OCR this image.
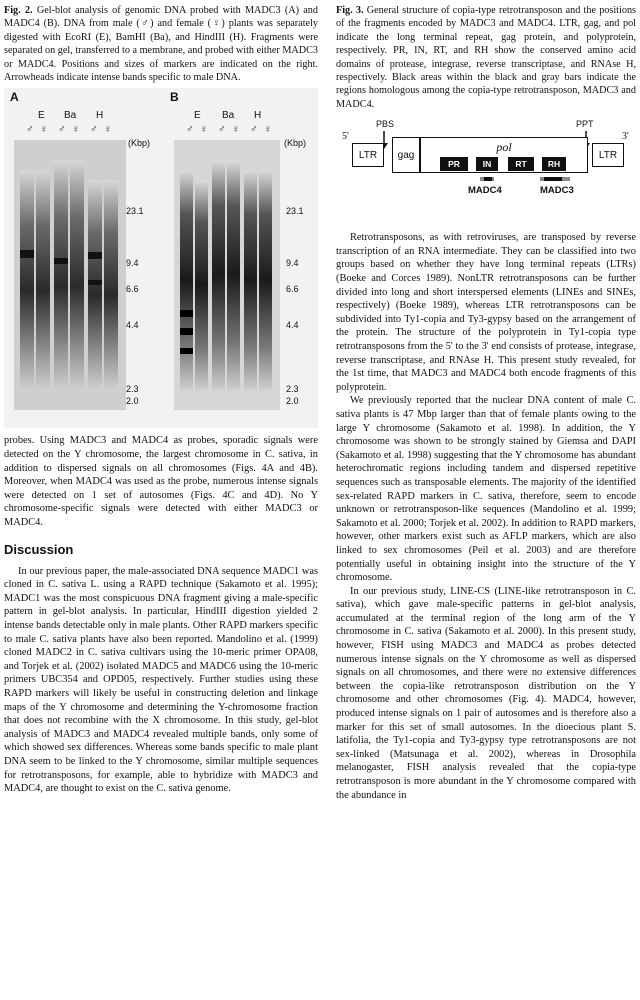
Fig. 2. Gel-blot analysis of genomic DNA probed with MADC3 (A) and MADC4 (B). DNA from male (♂) and female (♀) plants was separately digested with EcoRI (E), BamHI (Ba), and HindIII (H). Fragments were separated on gel, transferred to a membrane, and probed with either MADC3 or MADC4. Positions and sizes of markers are indicated on the right. Arrowheads indicate intense bands specific to male DNA.

A
E Ba H
♂ ♀ ♂ ♀ ♂ ♀
(Kbp)
23.1
9.4
6.6
4.4
2.3
2.0
B
E Ba H
♂ ♀ ♂ ♀ ♂ ♀
(Kbp)
23.1
9.4
6.6
4.4
2.3
2.0

probes. Using MADC3 and MADC4 as probes, sporadic signals were detected on the Y chromosome, the largest chromosome in C. sativa, in addition to dispersed signals on all chromosomes (Figs. 4A and 4B). Moreover, when MADC4 was used as the probe, numerous intense signals were detected on 1 set of autosomes (Figs. 4C and 4D). No Y chromosome-specific signals were detected with either MADC3 or MADC4.

Discussion

In our previous paper, the male-associated DNA sequence MADC1 was cloned in C. sativa L. using a RAPD technique (Sakamoto et al. 1995); MADC1 was the most conspicuous DNA fragment giving a male-specific pattern in gel-blot analysis. In particular, HindIII digestion yielded 2 intense bands detectable only in male plants. Other RAPD markers specific to male C. sativa plants have also been reported. Mandolino et al. (1999) cloned MADC2 in C. sativa cultivars using the 10-meric primer OPA08, and Torjek et al. (2002) isolated MADC5 and MADC6 using the 10-meric primers UBC354 and OPD05, respectively. Further studies using these RAPD markers will likely be useful in constructing deletion and linkage maps of the Y chromosome and determining the Y-chromosome fraction that does not recombine with the X chromosome. In this study, gel-blot analysis of MADC3 and MADC4 revealed multiple bands, only some of which showed sex differences. Whereas some bands specific to male plant DNA seem to be linked to the Y chromosome, similar multiple sequences for retrotransposons, for example, able to hybridize with MADC3 and MADC4, are thought to exist on the C. sativa genome.

Fig. 3. General structure of copia-type retrotransposon and the positions of the fragments encoded by MADC3 and MADC4. LTR, gag, and pol indicate the long terminal repeat, gag protein, and polyprotein, respectively. PR, IN, RT, and RH show the conserved amino acid domains of protease, integrase, reverse transcriptase, and RNAse H, respectively. Black areas within the black and gray bars indicate the regions homologous among the copia-type retrotransposon, MADC3 and MADC4.

5'	3'
PBS	PPT
LTR	gag
pol
PR	IN	RT	RH
LTR
MADC4	MADC3

Retrotransposons, as with retroviruses, are transposed by reverse transcription of an RNA intermediate. They can be classified into two groups based on whether they have long terminal repeats (LTRs) (Boeke and Corces 1989). NonLTR retrotransposons can be further divided into long and short interspersed elements (LINEs and SINEs, respectively) (Boeke 1989), whereas LTR retrotransposons can be subdivided into Ty1-copia and Ty3-gypsy based on the arrangement of the protein. The structure of the polyprotein in Ty1-copia type retrotransposons from the 5' to the 3' end consists of protease, integrase, reverse transcriptase, and RNAse H. This present study revealed, for the 1st time, that MADC3 and MADC4 both encode fragments of this polyprotein.

We previously reported that the nuclear DNA content of male C. sativa plants is 47 Mbp larger than that of female plants owing to the large Y chromosome (Sakamoto et al. 1998). In addition, the Y chromosome was shown to be strongly stained by Giemsa and DAPI (Sakamoto et al. 1998) suggesting that the Y chromosome has abundant heterochromatic regions including tandem and dispersed repetitive sequences such as transposable elements. The majority of the identified sex-related RAPD markers in C. sativa, therefore, seem to encode unknown or retrotransposon-like sequences (Mandolino et al. 1999; Sakamoto et al. 2000; Torjek et al. 2002). In addition to RAPD markers, however, other markers exist such as AFLP markers, which are also linked to sex chromosomes (Peil et al. 2003) and are therefore potentially useful in obtaining insight into the structure of the Y chromosome.

In our previous study, LINE-CS (LINE-like retrotransposon in C. sativa), which gave male-specific patterns in gel-blot analysis, accumulated at the terminal region of the long arm of the Y chromosome in C. sativa (Sakamoto et al. 2000). In this present study, however, FISH using MADC3 and MADC4 as probes detected numerous intense signals on the Y chromosome as well as dispersed signals on all chromosomes, and there were no extensive differences between the copia-like retrotransposon distribution on the Y chromosome and other chromosomes (Fig. 4). MADC4, however, produced intense signals on 1 pair of autosomes and is therefore also a marker for this set of small autosomes. In the dioecious plant S. latifolia, the Ty1-copia and Ty3-gypsy type retrotransposons are not sex-linked (Matsunaga et al. 2002), whereas in Drosophila melanogaster, FISH analysis revealed that the copia-type retrotransposon is more abundant in the Y chromosome compared with the abundance in
